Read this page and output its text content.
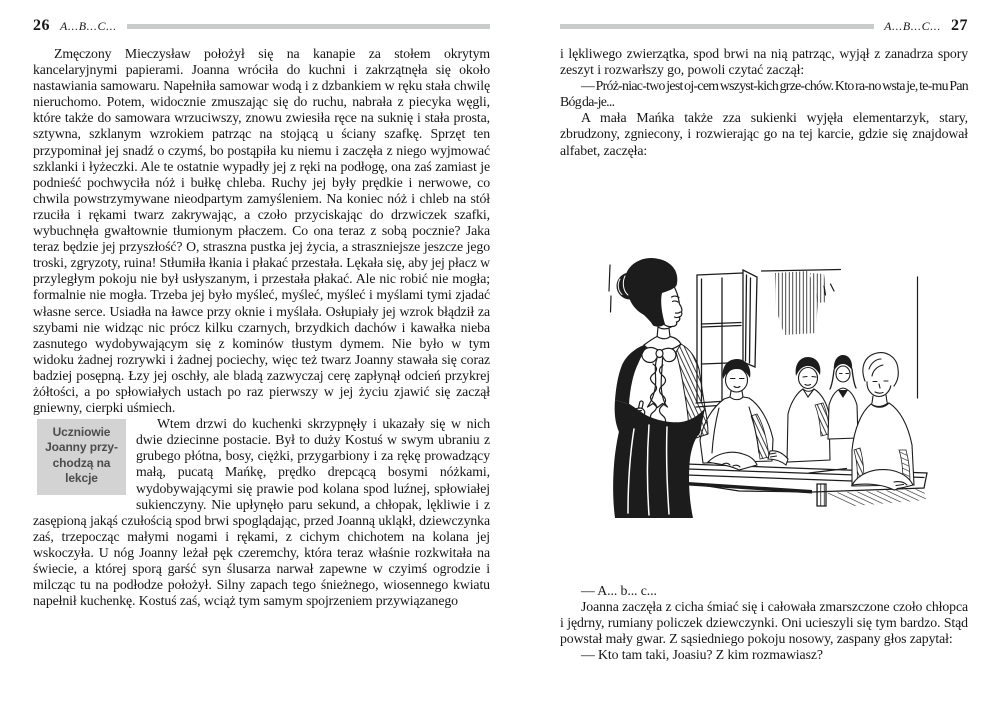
26 A...B...C...

Zmęczony Mieczysław położył się na kanapie za stołem okrytym kancelaryjnymi papierami. Joanna wróciła do kuchni i zakrzątnęła się około nastawiania samowaru. Napełniła samowar wodą i z dzbankiem w ręku stała chwilę nieruchomo. Potem, widocznie zmuszając się do ruchu, nabrała z piecyka węgli, które także do samowara wrzuciwszy, znowu zwiesiła ręce na suknię i stała prosta, sztywna, szklanym wzrokiem patrząc na stojącą u ściany szafkę. Sprzęt ten przypominał jej snadź o czymś, bo postąpiła ku niemu i zaczęła z niego wyjmować szklanki i łyżeczki. Ale te ostatnie wypadły jej z ręki na podłogę, ona zaś zamiast je podnieść pochwyciła nóż i bułkę chleba. Ruchy jej były prędkie i nerwowe, co chwila powstrzymywane nieodpartym zamyśleniem. Na koniec nóż i chleb na stół rzuciła i rękami twarz zakrywając, a czoło przyciskając do drzwiczek szafki, wybuchnęła gwałtownie tłumionym płaczem. Co ona teraz z sobą pocznie? Jaka teraz będzie jej przyszłość? O, straszna pustka jej życia, a straszniejsze jeszcze jego troski, zgryzoty, ruina! Stłumiła łkania i płakać przestała. Lękała się, aby jej płacz w przyległym pokoju nie był usłyszanym, i przestała płakać. Ale nic robić nie mogła; formalnie nie mogła. Trzeba jej było myśleć, myśleć, myśleć i myślami tymi zjadać własne serce. Usiadła na ławce przy oknie i myślała. Osłupiały jej wzrok błądził za szybami nie widząc nic prócz kilku czarnych, brzydkich dachów i kawałka nieba zasnutego wydobywającym się z kominów tłustym dymem. Nie było w tym widoku żadnej rozrywki i żadnej pociechy, więc też twarz Joanny stawała się coraz badziej posępną. Łzy jej oschły, ale bladą zazwyczaj cerę zapłynął odcień przykrej żółtości, a po spłowiałych ustach po raz pierwszy w jej życiu zjawić się zaczął gniewny, cierpki uśmiech.

Uczniowie
Joanny przy-
chodzą na
lekcje

Wtem drzwi do kuchenki skrzypnęły i ukazały się w nich dwie dziecinne postacie. Był to duży Kostuś w swym ubraniu z grubego płótna, bosy, ciężki, przygarbiony i za rękę prowadzący małą, pucatą Mańkę, prędko drepcącą bosymi nóżkami, wydobywającymi się prawie pod kolana spod luźnej, spłowiałej sukienczyny. Nie upłynęło paru sekund, a chłopak, lękliwie i z zasępioną jakąś czułością spod brwi spoglądając, przed Joanną ukląkł, dziewczynka zaś, trzepocząc małymi nogami i rękami, z cichym chichotem na kolana jej wskoczyła. U nóg Joanny leżał pęk czeremchy, która teraz właśnie rozkwitała na świecie, a której sporą garść syn ślusarza narwał zapewne w czyimś ogrodzie i milcząc tu na podłodze położył. Silny zapach tego śnieżnego, wiosennego kwiatu napełnił kuchenkę. Kostuś zaś, wciąż tym samym spojrzeniem przywiązanego

A...B...C... 27

i lękliwego zwierzątka, spod brwi na nią patrząc, wyjął z zanadrza spory zeszyt i rozwarłszy go, powoli czytać zaczął:

— Próż-niac-two jest oj-cem wszyst-kich grze-chów. Kto ra-no wsta je, te-mu Pan Bóg da-je...

A mała Mańka także zza sukienki wyjęła elementarzyk, stary, zbrudzony, zgniecony, i rozwierając go na tej karcie, gdzie się znajdował alfabet, zaczęła:

— A... b... c...

Joanna zaczęła z cicha śmiać się i całowała zmarszczone czoło chłopca i jędrny, rumiany policzek dziewczynki. Oni ucieszyli się tym bardzo. Stąd powstał mały gwar. Z sąsiedniego pokoju nosowy, zaspany głos zapytał:

— Kto tam taki, Joasiu? Z kim rozmawiasz?
